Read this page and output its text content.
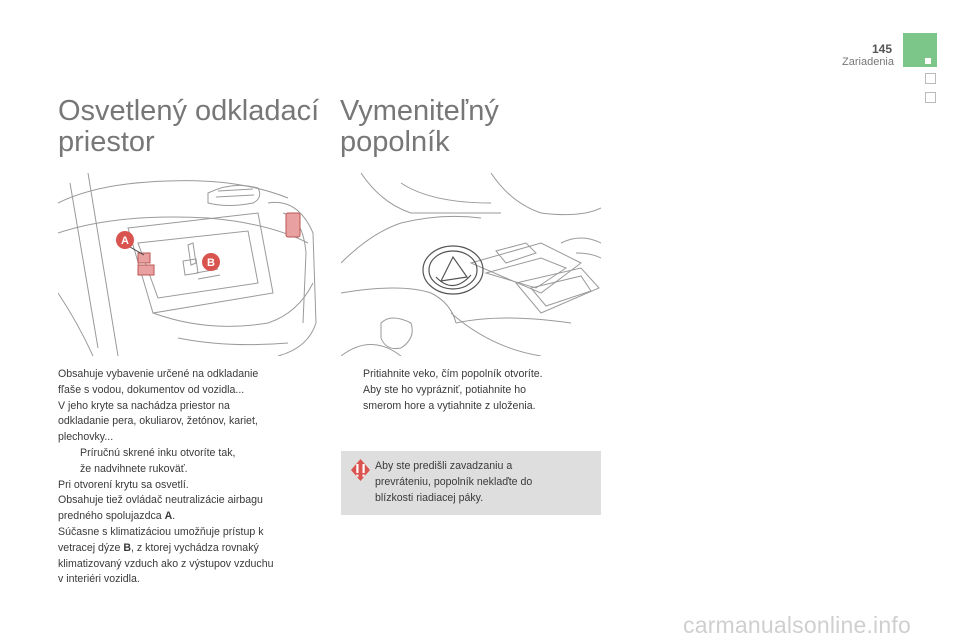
145
Zariadenia
Osvetlený odkladací
priestor
A
B
Obsahuje vybavenie určené na odkladanie
fľaše s vodou, dokumentov od vozidla...
V jeho kryte sa nachádza priestor na
odkladanie pera, okuliarov, žetónov, kariet,
plechovky...
Príručnú skrené inku otvoríte tak,
že nadvihnete rukoväť.
Pri otvorení krytu sa osvetlí.
Obsahuje tiež ovládač neutralizácie airbagu
predného spolujazdca A.
Súčasne s klimatizáciou umožňuje prístup k
vetracej dýze B, z ktorej vychádza rovnaký
klimatizovaný vzduch ako z výstupov vzduchu
v interiéri vozidla.
Vymeniteľný
popolník
Pritiahnite veko, čím popolník otvoríte.
Aby ste ho vyprázniť, potiahnite ho
smerom hore a vytiahnite z uloženia.
Aby ste predišli zavadzaniu a
prevráteniu, popolník neklaďte do
blízkosti riadiacej páky.
carmanualsonline.info
